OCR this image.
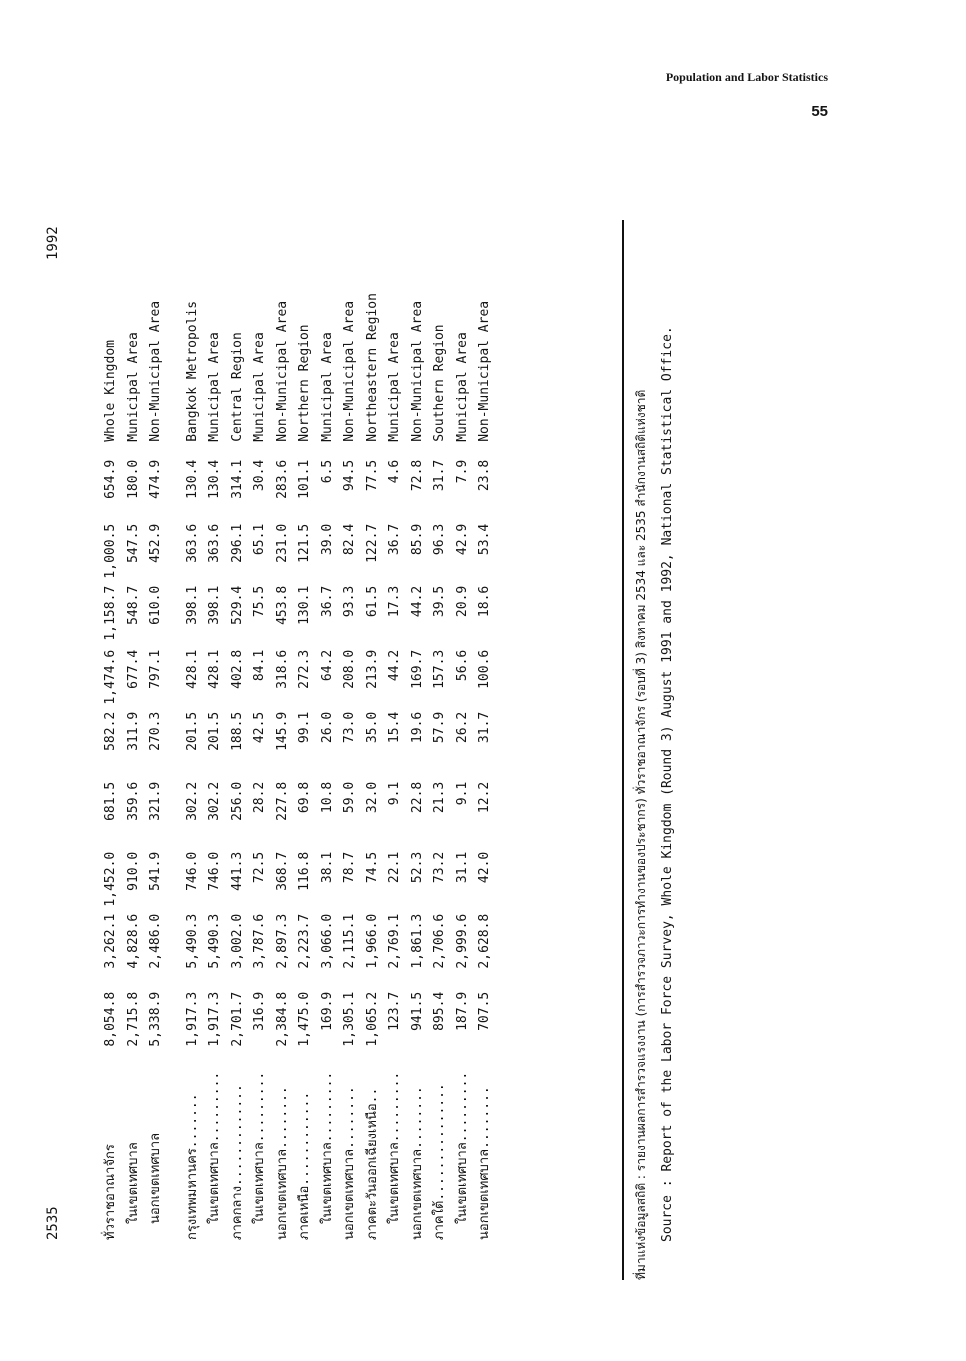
Population and Labor Statistics
55
2535
1992
ทั่วราชอาณาจักร	8,054.8	3,262.1	1,452.0	681.5	582.2	1,474.6	1,158.7	1,000.5	654.9	Whole Kingdom
ในเขตเทศบาล	2,715.8	4,828.6	910.0	359.6	311.9	677.4	548.7	547.5	180.0	Municipal Area
นอกเขตเทศบาล	5,338.9	2,486.0	541.9	321.9	270.3	797.1	610.0	452.9	474.9	Non-Municipal Area

กรุงเทพมหานคร.......	1,917.3	5,490.3	746.0	302.2	201.5	428.1	398.1	363.6	130.4	Bangkok Metropolis
ในเขตเทศบาล.........	1,917.3	5,490.3	746.0	302.2	201.5	428.1	398.1	363.6	130.4	Municipal Area
ภาคกลาง.............	2,701.7	3,002.0	441.3	256.0	188.5	402.8	529.4	296.1	314.1	Central Region
ในเขตเทศบาล.........	316.9	3,787.6	72.5	28.2	42.5	84.1	75.5	65.1	30.4	Municipal Area
นอกเขตเทศบาล........	2,384.8	2,897.3	368.7	227.8	145.9	318.6	453.8	231.0	283.6	Non-Municipal Area
ภาคเหนือ............	1,475.0	2,223.7	116.8	69.8	99.1	272.3	130.1	121.5	101.1	Northern Region
ในเขตเทศบาล.........	169.9	3,066.0	38.1	10.8	26.0	64.2	36.7	39.0	6.5	Municipal Area
นอกเขตเทศบาล........	1,305.1	2,115.1	78.7	59.0	73.0	208.0	93.3	82.4	94.5	Non-Municipal Area
ภาคตะวันออกเฉียงเหนือ..	1,065.2	1,966.0	74.5	32.0	35.0	213.9	61.5	122.7	77.5	Northeastern Region
ในเขตเทศบาล.........	123.7	2,769.1	22.1	9.1	15.4	44.2	17.3	36.7	4.6	Municipal Area
นอกเขตเทศบาล........	941.5	1,861.3	52.3	22.8	19.6	169.7	44.2	85.9	72.8	Non-Municipal Area
ภาคใต้...............	895.4	2,706.6	73.2	21.3	57.9	157.3	39.5	96.3	31.7	Southern Region
ในเขตเทศบาล.........	187.9	2,999.6	31.1	9.1	26.2	56.6	20.9	42.9	7.9	Municipal Area
นอกเขตเทศบาล........	707.5	2,628.8	42.0	12.2	31.7	100.6	18.6	53.4	23.8	Non-Municipal Area
ที่มาแห่งข้อมูลสถิติ : รายงานผลการสำรวจแรงงาน (การสำรวจภาวะการทำงานของประชากร) ทั่วราชอาณาจักร (รอบที่ 3) สิงหาคม 2534 และ 2535 สำนักงานสถิติแห่งชาติ Source : Report of the Labor Force Survey, Whole Kingdom (Round 3) August 1991 and 1992, National Statistical Office.
